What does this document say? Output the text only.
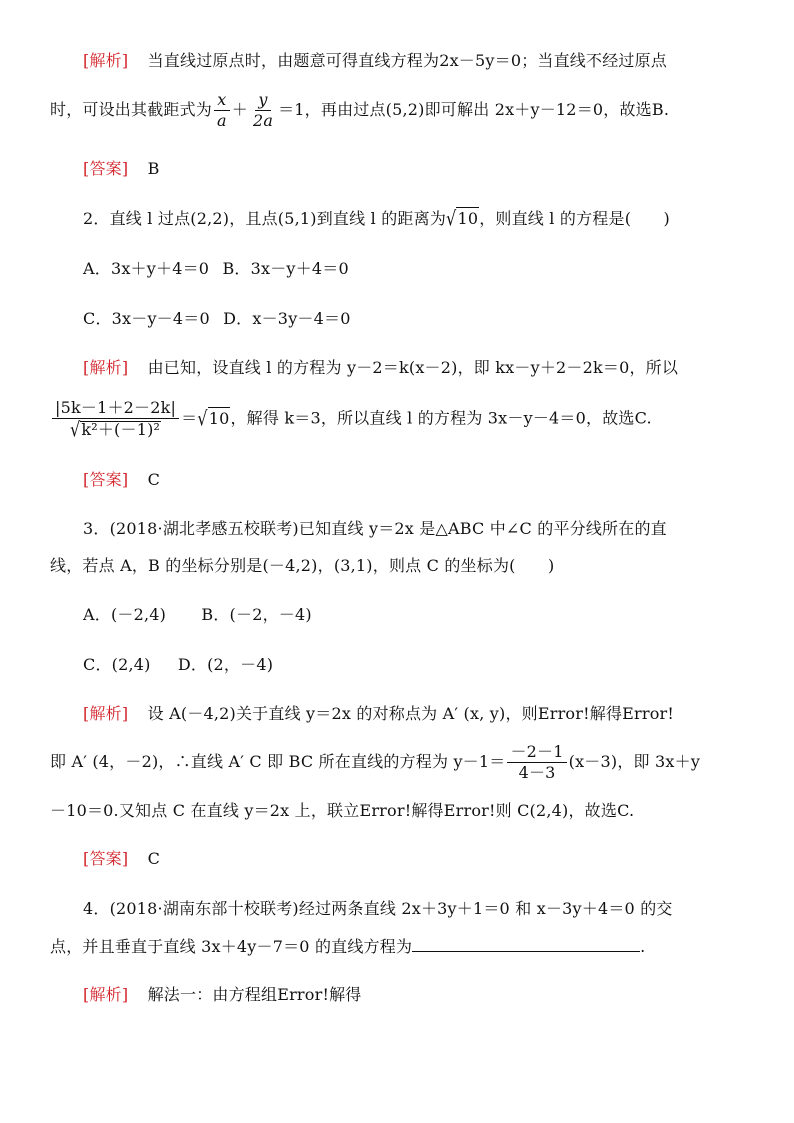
[解析] 当直线过原点时，由题意可得直线方程为2x－5y＝0；当直线不经过原点
时，可设出其截距式为 $\frac{x}{a} + \frac{y}{2a} =1$，再由过点(5,2)即可解出 2x＋y－12＝0，故选B.
[答案] B
2．直线 l 过点(2,2)，且点(5,1)到直线 l 的距离为√10，则直线 l 的方程是(　　)
A．3x＋y＋4＝0 B．3x－y＋4＝0
C．3x－y－4＝0 D．x－3y－4＝0
[解析] 由已知，设直线 l 的方程为 y－2＝k(x－2)，即 kx－y＋2－2k＝0，所以
$\frac{|5k-1+2-2k|}{\text{√k²＋(－1)²}} =√10$，解得 k＝3，所以直线 l 的方程为 3x－y－4＝0，故选C.
[答案] C
3．(2018·湖北孝感五校联考)已知直线 y＝2x 是△ABC 中∠C 的平分线所在的直
线，若点 A，B 的坐标分别是(－4,2)，(3,1)，则点 C 的坐标为(　　)
A．(－2,4) B．(－2，－4)
C．(2,4) D．(2，－4)
[解析] 设 A(－4,2)关于直线 y＝2x 的对称点为 A′ (x, y)，则Error!解得Error!
即 A′ (4，－2)，∴直线 A′ C 即 BC 所在直线的方程为 $y-1= \frac{-2-1}{4-3} (x-3)$，即 3x＋y
－10＝0.又知点 C 在直线 y＝2x 上，联立Error!解得Error!则 C(2,4)，故选C.
[答案] C
4．(2018·湖南东部十校联考)经过两条直线 2x＋3y＋1＝0 和 x－3y＋4＝0 的交
点，并且垂直于直线 3x＋4y－7＝0 的直线方程为	.
[解析] 解法一：由方程组Error!解得
